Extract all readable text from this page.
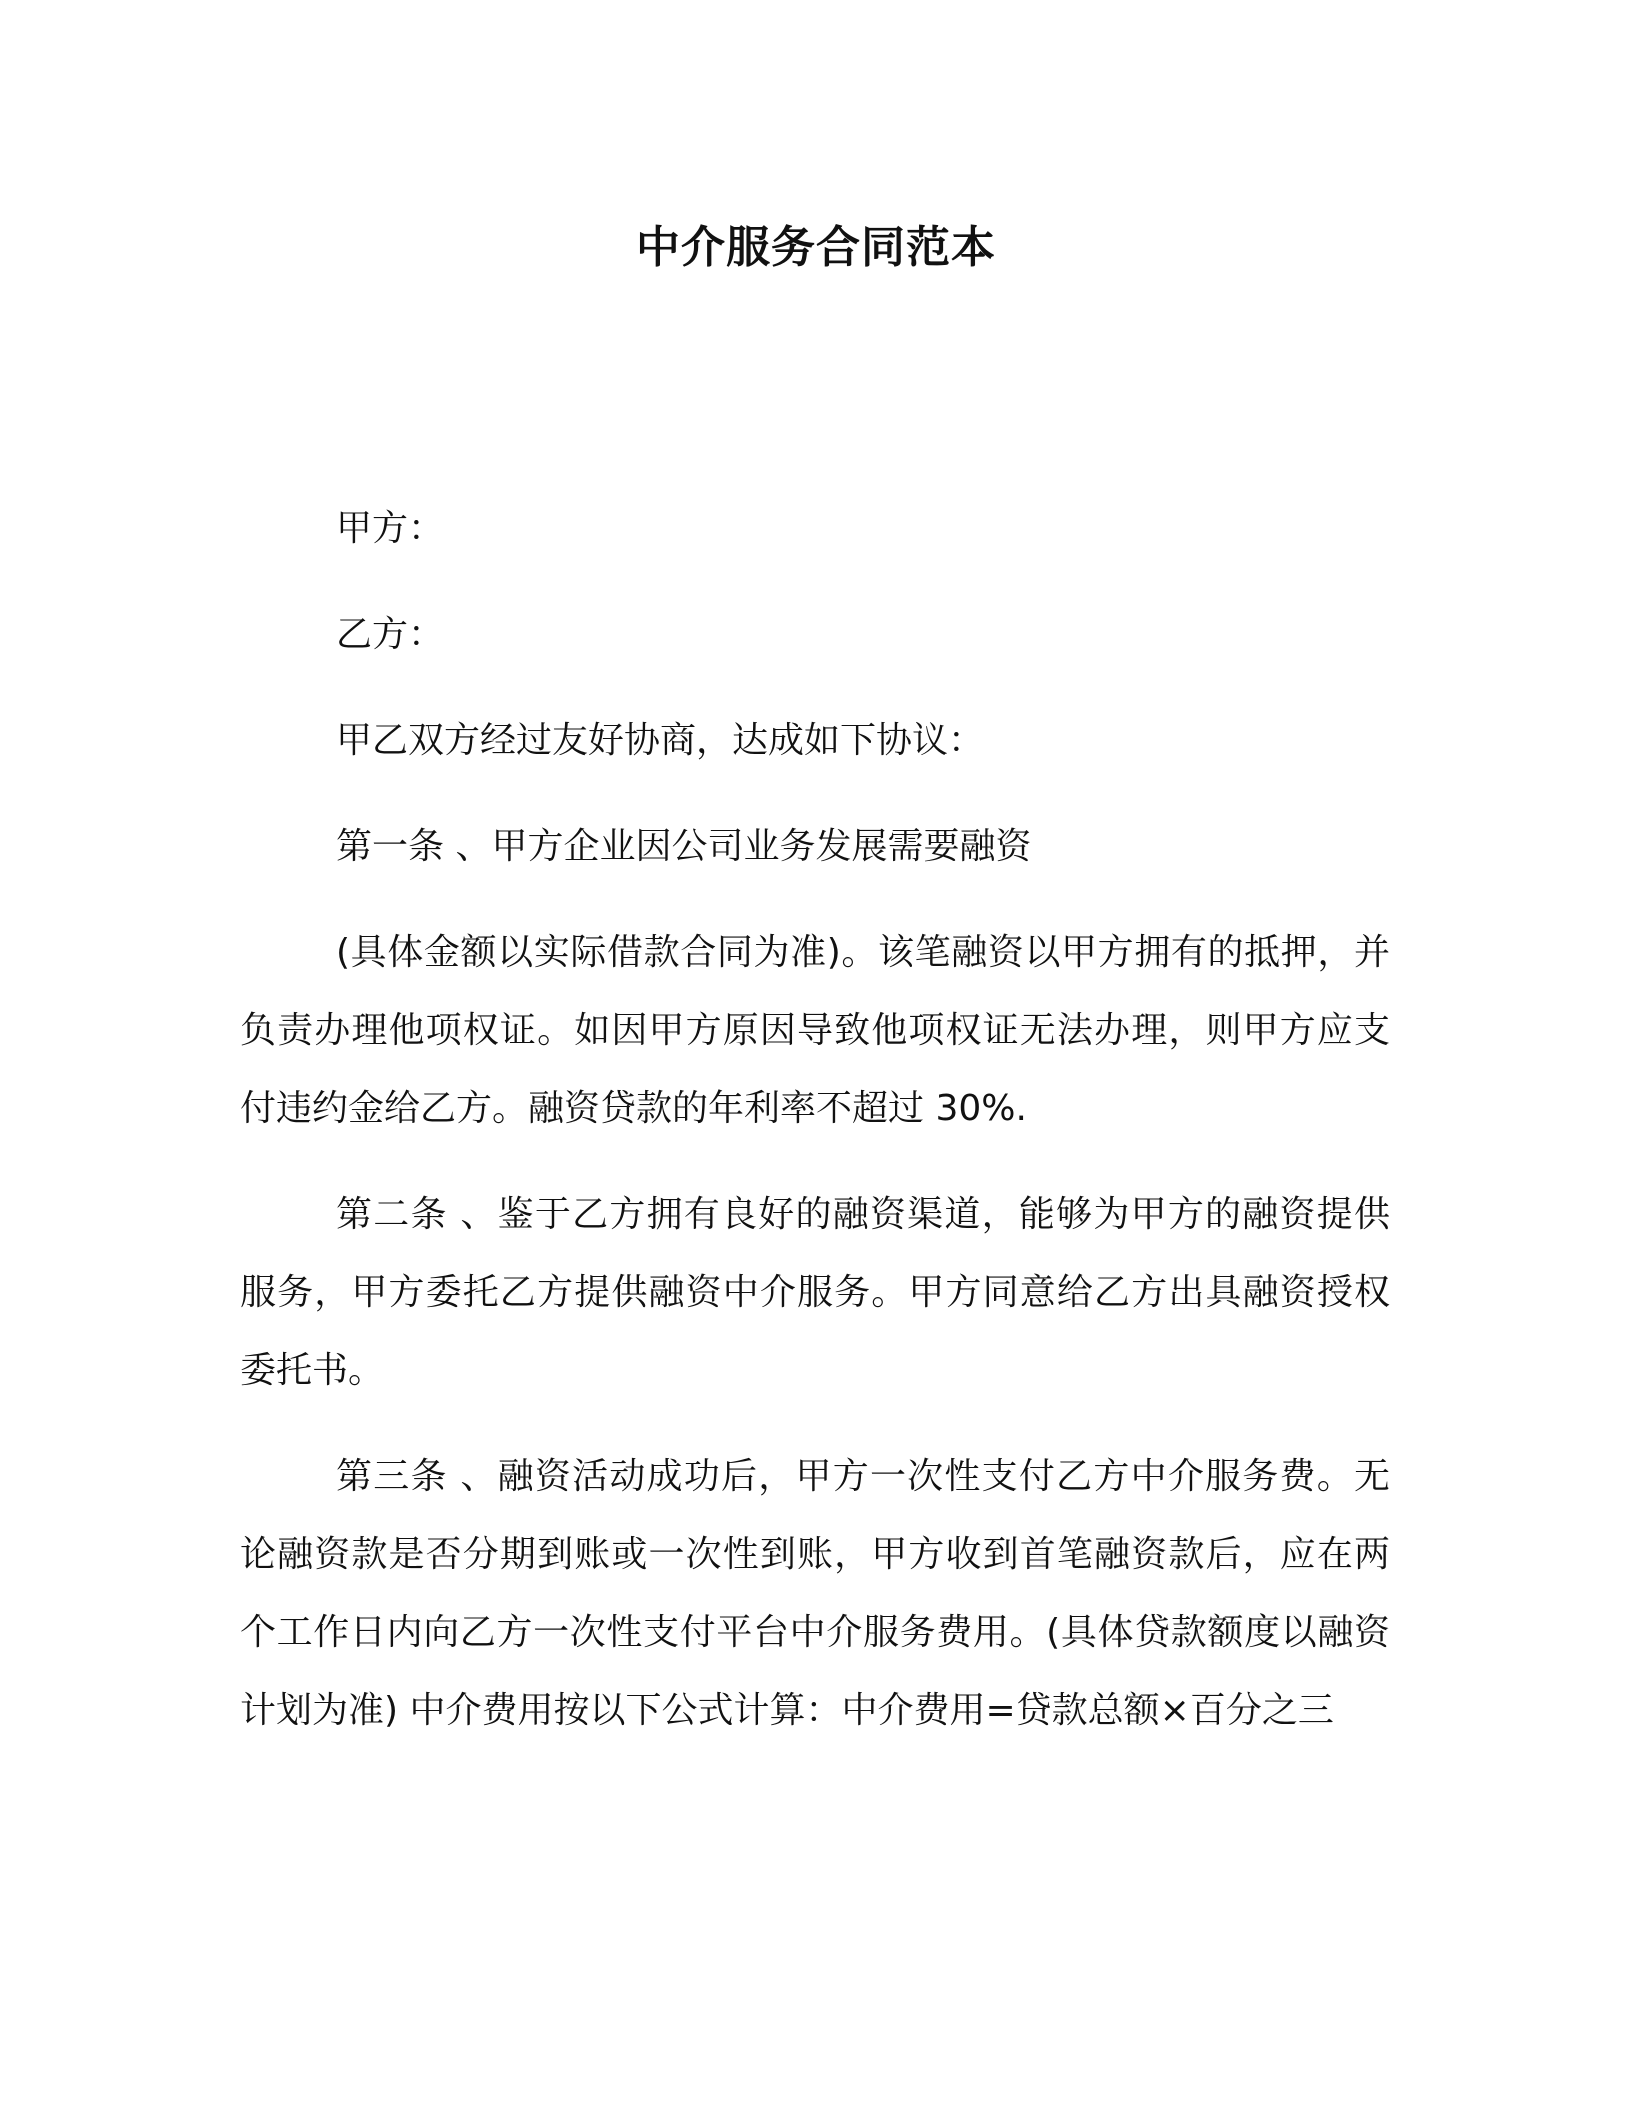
中介服务合同范本

甲方：

乙方：

甲乙双方经过友好协商，达成如下协议：

第一条 、甲方企业因公司业务发展需要融资

(具体金额以实际借款合同为准)。该笔融资以甲方拥有的抵押，并负责办理他项权证。如因甲方原因导致他项权证无法办理，则甲方应支付违约金给乙方。融资贷款的年利率不超过 30%.

第二条 、鉴于乙方拥有良好的融资渠道，能够为甲方的融资提供服务，甲方委托乙方提供融资中介服务。甲方同意给乙方出具融资授权委托书。

第三条 、融资活动成功后，甲方一次性支付乙方中介服务费。无论融资款是否分期到账或一次性到账，甲方收到首笔融资款后，应在两个工作日内向乙方一次性支付平台中介服务费用。(具体贷款额度以融资计划为准) 中介费用按以下公式计算：中介费用=贷款总额×百分之三
